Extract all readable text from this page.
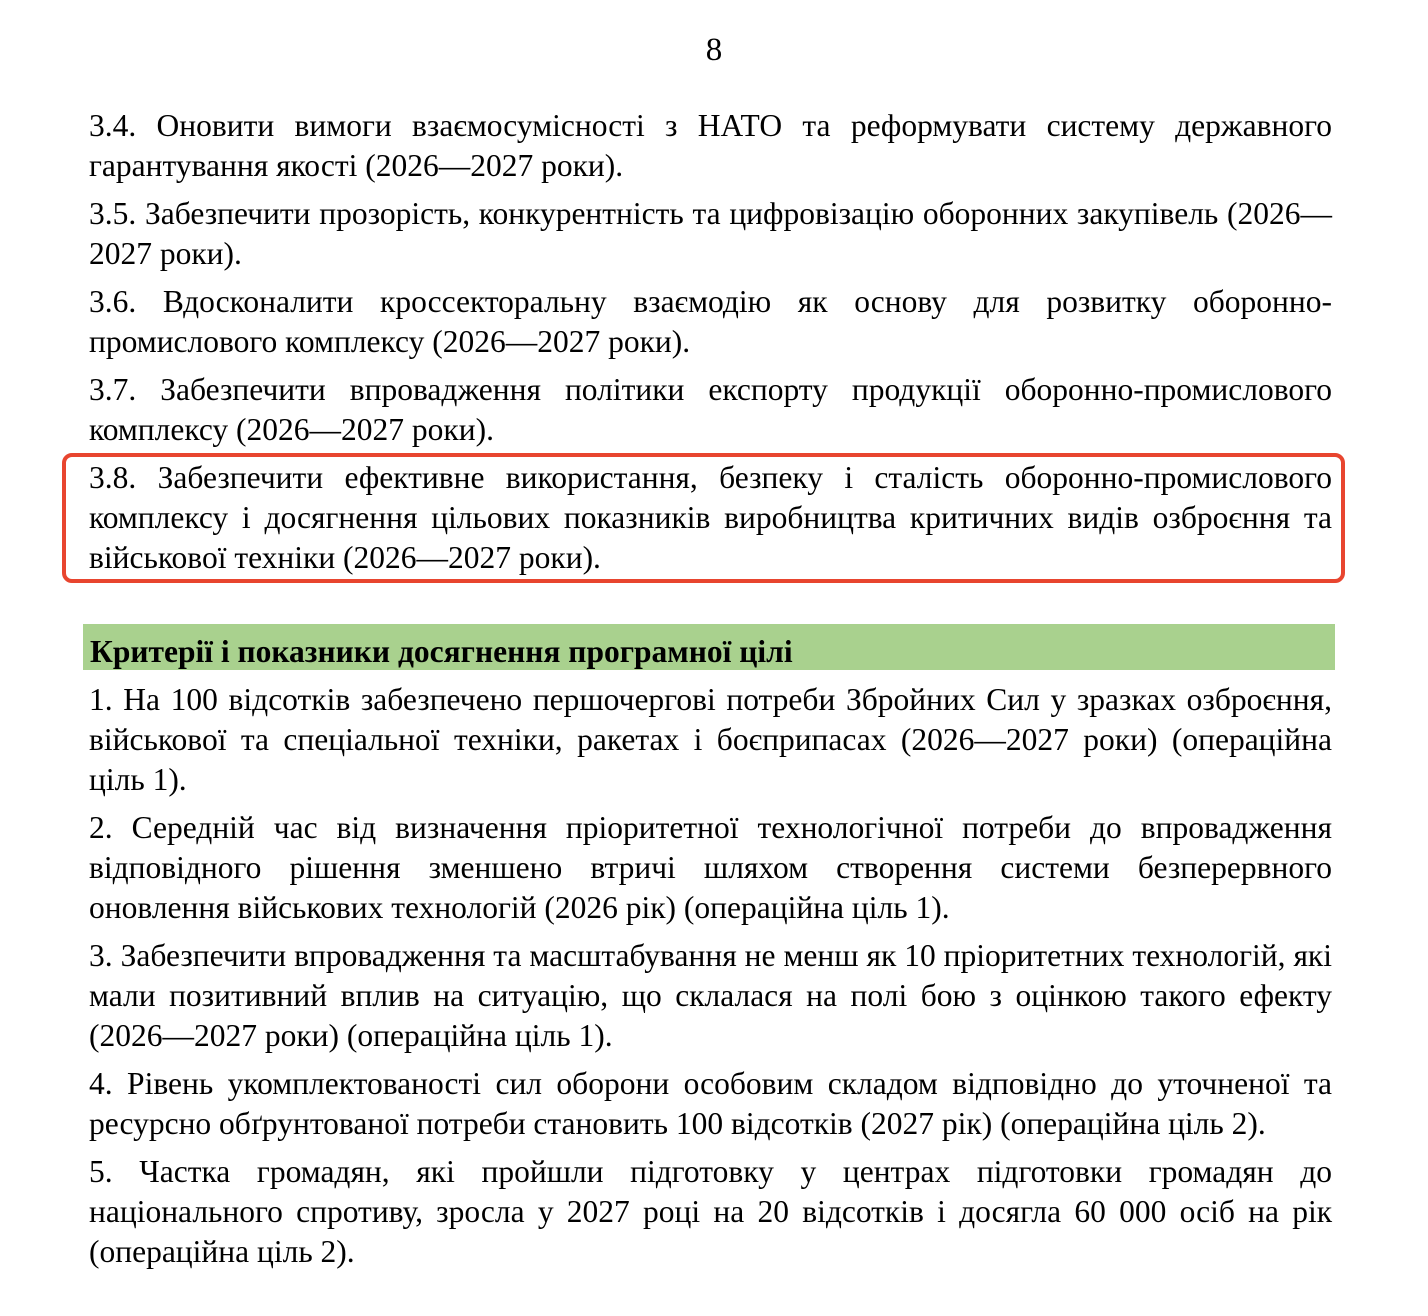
8

3.4. Оновити вимоги взаємосумісності з НАТО та реформувати систему державного гарантування якості (2026—2027 роки).

3.5. Забезпечити прозорість, конкурентність та цифровізацію оборонних закупівель (2026—2027 роки).

3.6. Вдосконалити кроссекторальну взаємодію як основу для розвитку оборонно-промислового комплексу (2026—2027 роки).

3.7. Забезпечити впровадження політики експорту продукції оборонно-промислового комплексу (2026—2027 роки).

3.8. Забезпечити ефективне використання, безпеку і сталість оборонно-промислового комплексу і досягнення цільових показників виробництва критичних видів озброєння та військової техніки (2026—2027 роки).

Критерії і показники досягнення програмної цілі

1. На 100 відсотків забезпечено першочергові потреби Збройних Сил у зразках озброєння, військової та спеціальної техніки, ракетах і боєприпасах (2026—2027 роки) (операційна ціль 1).

2. Середній час від визначення пріоритетної технологічної потреби до впровадження відповідного рішення зменшено втричі шляхом створення системи безперервного оновлення військових технологій (2026 рік) (операційна ціль 1).

3. Забезпечити впровадження та масштабування не менш як 10 пріоритетних технологій, які мали позитивний вплив на ситуацію, що склалася на полі бою з оцінкою такого ефекту (2026—2027 роки) (операційна ціль 1).

4. Рівень укомплектованості сил оборони особовим складом відповідно до уточненої та ресурсно обґрунтованої потреби становить 100 відсотків (2027 рік) (операційна ціль 2).

5. Частка громадян, які пройшли підготовку у центрах підготовки громадян до національного спротиву, зросла у 2027 році на 20 відсотків і досягла 60 000 осіб на рік (операційна ціль 2).
